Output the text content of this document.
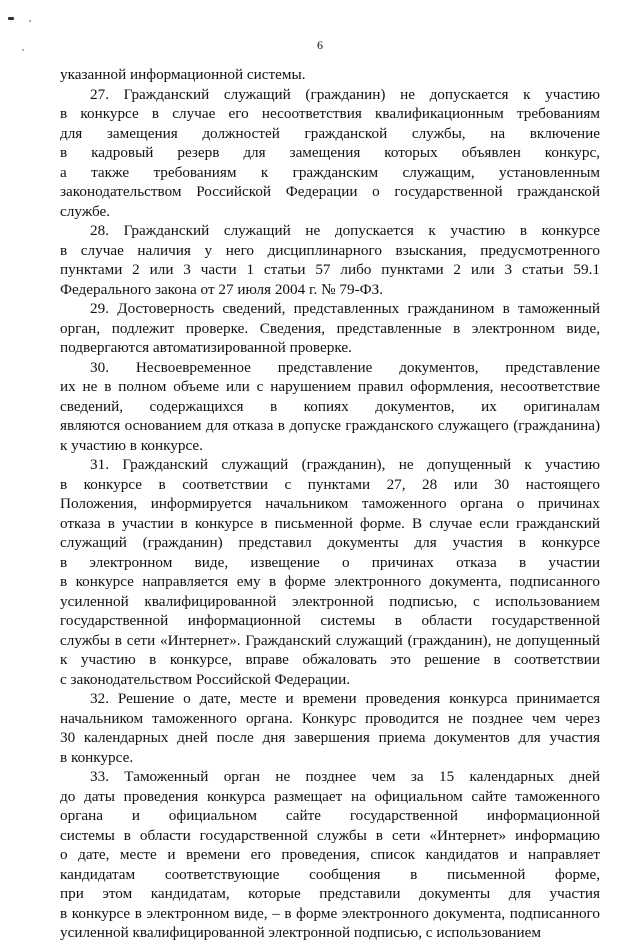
6
указанной информационной системы.
27. Гражданский служащий (гражданин) не допускается к участию
в конкурсе в случае его несоответствия квалификационным требованиям
для замещения должностей гражданской службы, на включение
в кадровый резерв для замещения которых объявлен конкурс,
а также требованиям к гражданским служащим, установленным
законодательством Российской Федерации о государственной гражданской
службе.
28. Гражданский служащий не допускается к участию в конкурсе
в случае наличия у него дисциплинарного взыскания, предусмотренного
пунктами 2 или 3 части 1 статьи 57 либо пунктами 2 или 3 статьи 59.1
Федерального закона от 27 июля 2004 г. № 79-ФЗ.
29. Достоверность сведений, представленных гражданином в таможенный
орган, подлежит проверке. Сведения, представленные в электронном виде,
подвергаются автоматизированной проверке.
30. Несвоевременное представление документов, представление
их не в полном объеме или с нарушением правил оформления, несоответствие
сведений, содержащихся в копиях документов, их оригиналам
являются основанием для отказа в допуске гражданского служащего (гражданина)
к участию в конкурсе.
31. Гражданский служащий (гражданин), не допущенный к участию
в конкурсе в соответствии с пунктами 27, 28 или 30 настоящего
Положения, информируется начальником таможенного органа о причинах
отказа в участии в конкурсе в письменной форме. В случае если гражданский
служащий (гражданин) представил документы для участия в конкурсе
в электронном виде, извещение о причинах отказа в участии
в конкурсе направляется ему в форме электронного документа, подписанного
усиленной квалифицированной электронной подписью, с использованием
государственной информационной системы в области государственной
службы в сети «Интернет». Гражданский служащий (гражданин), не допущенный
к участию в конкурсе, вправе обжаловать это решение в соответствии
с законодательством Российской Федерации.
32. Решение о дате, месте и времени проведения конкурса принимается
начальником таможенного органа. Конкурс проводится не позднее чем через
30 календарных дней после дня завершения приема документов для участия
в конкурсе.
33. Таможенный орган не позднее чем за 15 календарных дней
до даты проведения конкурса размещает на официальном сайте таможенного
органа и официальном сайте государственной информационной
системы в области государственной службы в сети «Интернет» информацию
о дате, месте и времени его проведения, список кандидатов и направляет
кандидатам соответствующие сообщения в письменной форме,
при этом кандидатам, которые представили документы для участия
в конкурсе в электронном виде, – в форме электронного документа, подписанного
усиленной квалифицированной электронной подписью, с использованием
